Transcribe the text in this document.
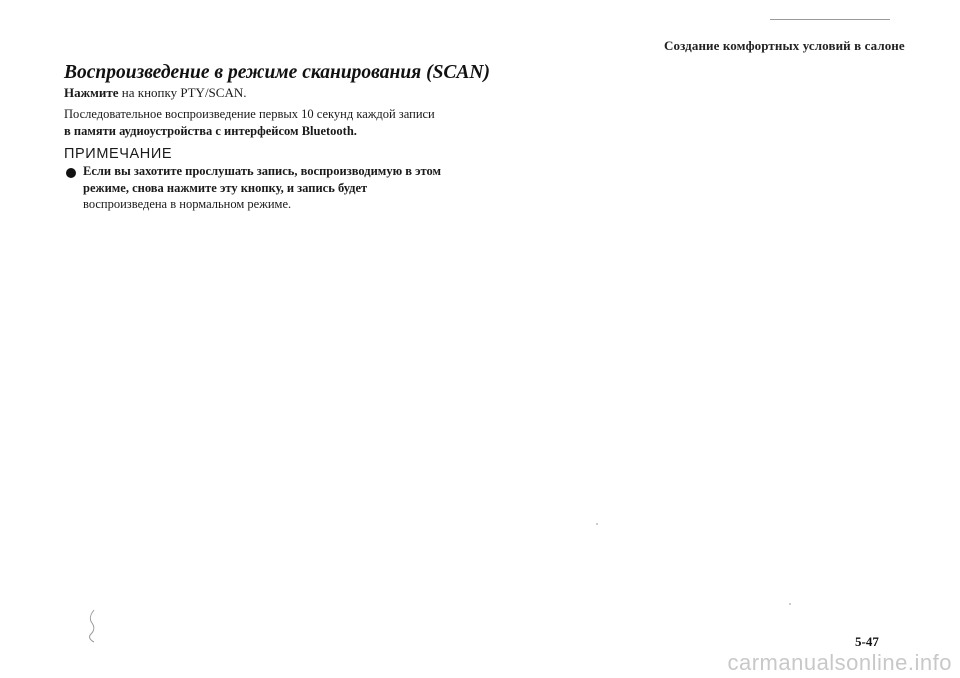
Создание комфортных условий в салоне
Воспроизведение в режиме сканирования (SCAN)
Нажмите на кнопку PTY/SCAN.
Последовательное воспроизведение первых 10 секунд каждой записи
в памяти аудиоустройства с интерфейсом Bluetooth.
ПРИМЕЧАНИЕ
Если вы захотите прослушать запись, воспроизводимую в этом
режиме, снова нажмите эту кнопку, и запись будет
воспроизведена в нормальном режиме.
5-47
carmanualsonline.info
